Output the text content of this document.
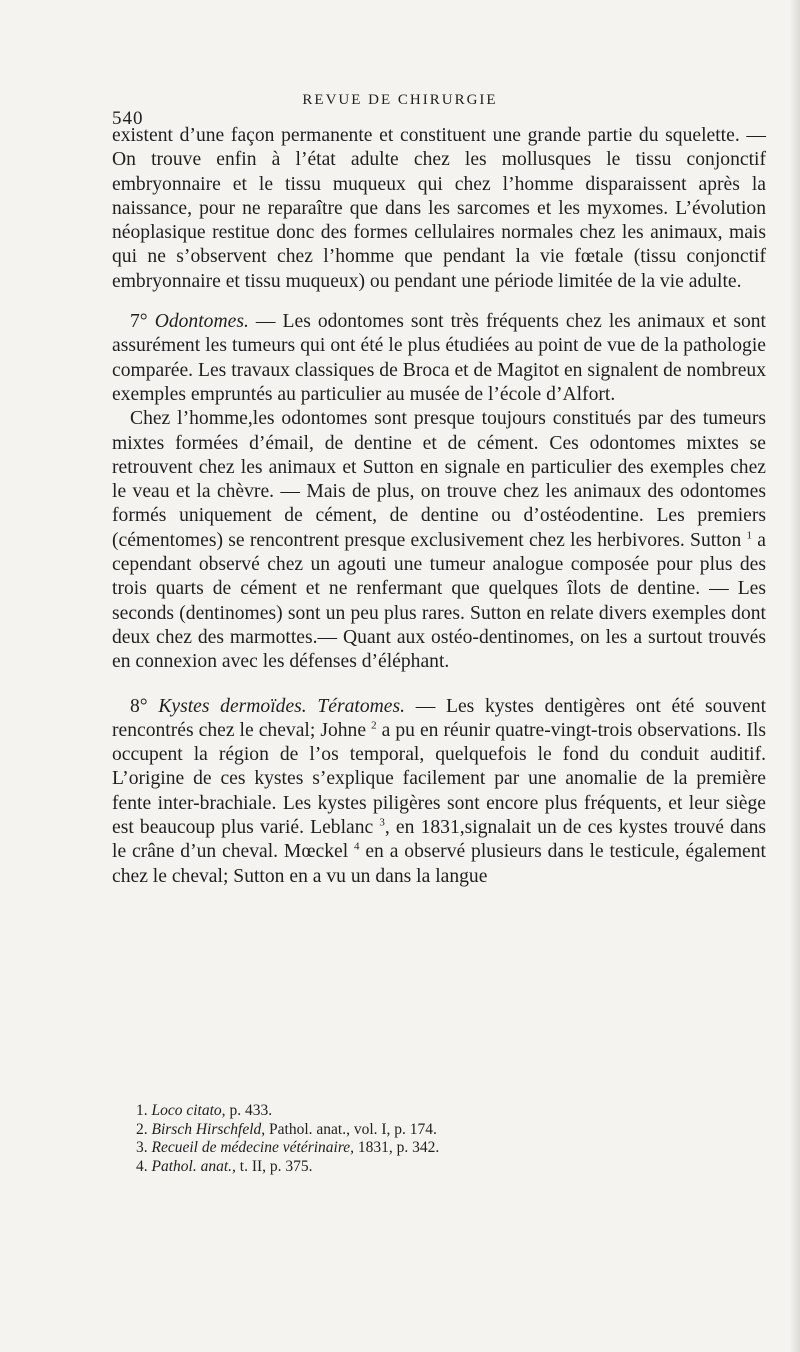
REVUE DE CHIRURGIE
540

existent d’une façon permanente et constituent une grande partie du squelette. — On trouve enfin à l’état adulte chez les mollusques le tissu conjonctif embryonnaire et le tissu muqueux qui chez l’homme disparaissent après la naissance, pour ne reparaître que dans les sarcomes et les myxomes. L’évolution néoplasique restitue donc des formes cellulaires normales chez les animaux, mais qui ne s’observent chez l’homme que pendant la vie fœtale (tissu conjonctif embryonnaire et tissu muqueux) ou pendant une période limitée de la vie adulte.

7° Odontomes. — Les odontomes sont très fréquents chez les animaux et sont assurément les tumeurs qui ont été le plus étudiées au point de vue de la pathologie comparée. Les travaux classiques de Broca et de Magitot en signalent de nombreux exemples empruntés au particulier au musée de l’école d’Alfort.

Chez l’homme,les odontomes sont presque toujours constitués par des tumeurs mixtes formées d’émail, de dentine et de cément. Ces odontomes mixtes se retrouvent chez les animaux et Sutton en signale en particulier des exemples chez le veau et la chèvre. — Mais de plus, on trouve chez les animaux des odontomes formés uniquement de cément, de dentine ou d’ostéodentine. Les premiers (cémentomes) se rencontrent presque exclusivement chez les herbivores. Sutton $^1$ a cependant observé chez un agouti une tumeur analogue composée pour plus des trois quarts de cément et ne renfermant que quelques îlots de dentine. — Les seconds (dentinomes) sont un peu plus rares. Sutton en relate divers exemples dont deux chez des marmottes.— Quant aux ostéo-dentinomes, on les a surtout trouvés en connexion avec les défenses d’éléphant.

8° Kystes dermoïdes. Tératomes. — Les kystes dentigères ont été souvent rencontrés chez le cheval; Johne $^2$ a pu en réunir quatre-vingt-trois observations. Ils occupent la région de l’os temporal, quelquefois le fond du conduit auditif. L’origine de ces kystes s’explique facilement par une anomalie de la première fente inter-brachiale. Les kystes piligères sont encore plus fréquents, et leur siège est beaucoup plus varié. Leblanc $^3$, en 1831,signalait un de ces kystes trouvé dans le crâne d’un cheval. Mœckel $^4$ en a observé plusieurs dans le testicule, également chez le cheval; Sutton en a vu un dans la langue

1. Loco citato, p. 433.
2. Birsch Hirschfeld, Pathol. anat., vol. I, p. 174.
3. Recueil de médecine vétérinaire, 1831, p. 342.
4. Pathol. anat., t. II, p. 375.
